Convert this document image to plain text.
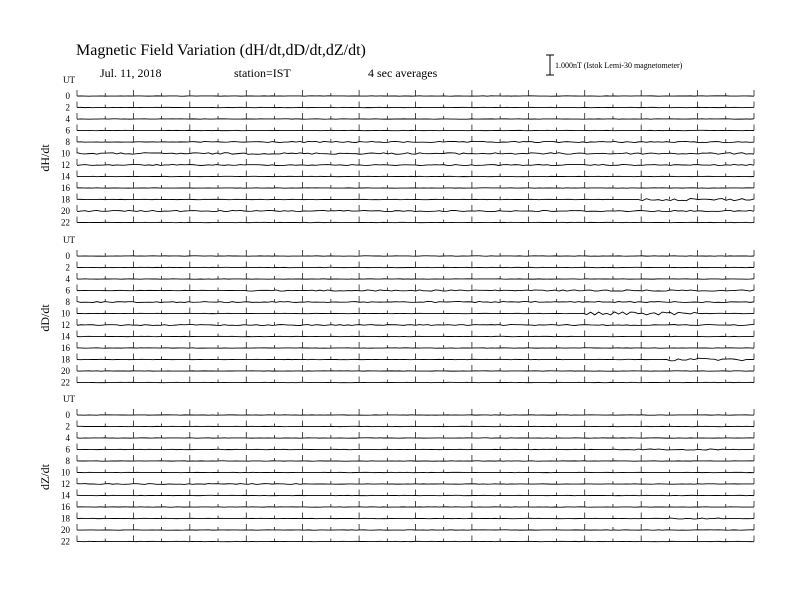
Magnetic Field Variation (dH/dt,dD/dt,dZ/dt)
Jul. 11, 2018	station=IST	4 sec averages
1.000nT (Istok Lemi-30 magnetometer)
UT
dH/dt
0
2
4
6
8
10
12
14
16
18
20
22
UT
dD/dt
0
2
4
6
8
10
12
14
16
18
20
22
UT
dZ/dt
0
2
4
6
8
10
12
14
16
18
20
22
